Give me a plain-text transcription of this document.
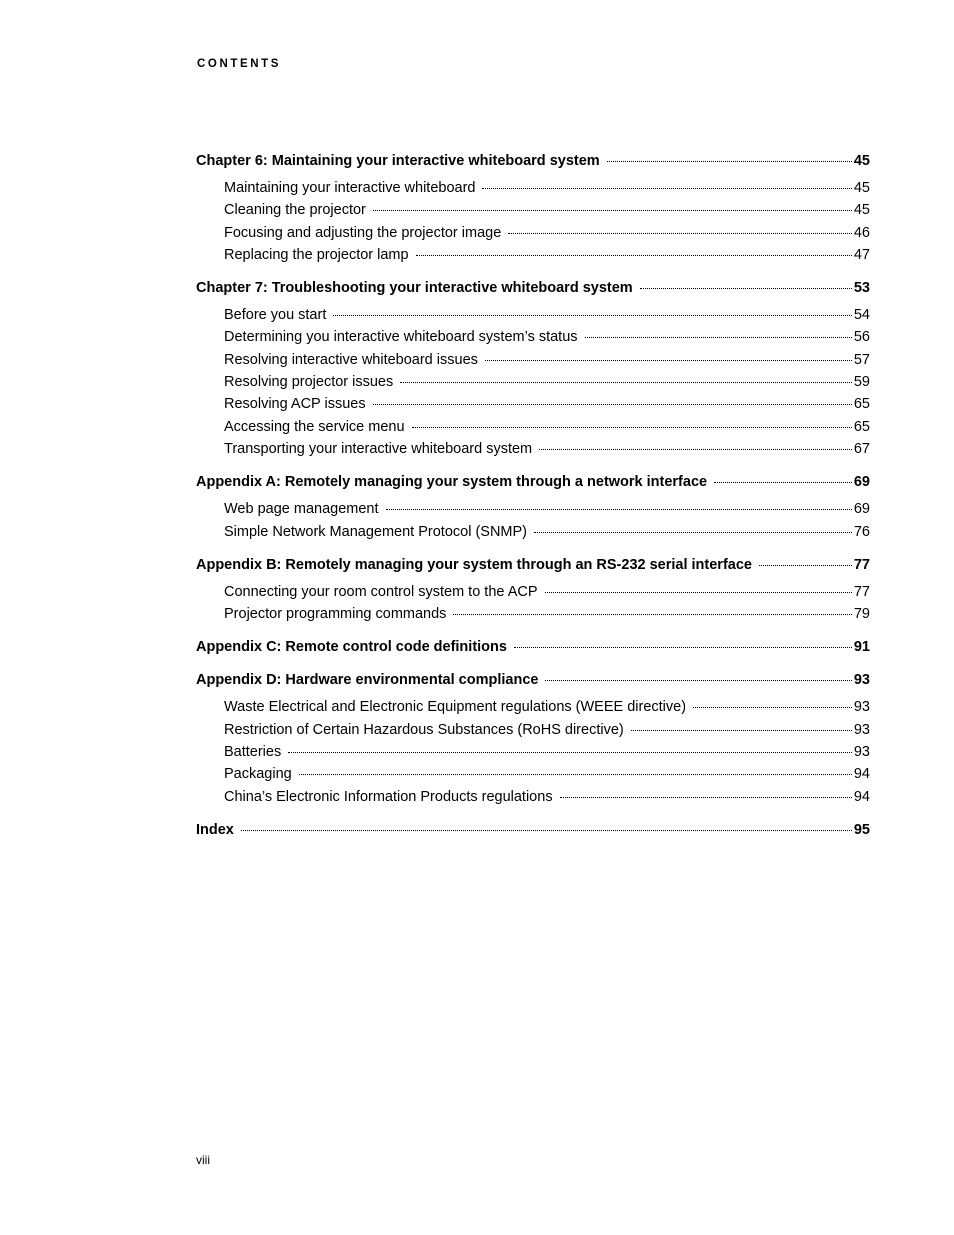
CONTENTS
Chapter 6: Maintaining your interactive whiteboard system	45
Maintaining your interactive whiteboard	45
Cleaning the projector	45
Focusing and adjusting the projector image	46
Replacing the projector lamp	47
Chapter 7: Troubleshooting your interactive whiteboard system	53
Before you start	54
Determining you interactive whiteboard system’s status	56
Resolving interactive whiteboard issues	57
Resolving projector issues	59
Resolving ACP issues	65
Accessing the service menu	65
Transporting your interactive whiteboard system	67
Appendix A: Remotely managing your system through a network interface	69
Web page management	69
Simple Network Management Protocol (SNMP)	76
Appendix B: Remotely managing your system through an RS-232 serial interface	77
Connecting your room control system to the ACP	77
Projector programming commands	79
Appendix C: Remote control code definitions	91
Appendix D: Hardware environmental compliance	93
Waste Electrical and Electronic Equipment regulations (WEEE directive)	93
Restriction of Certain Hazardous Substances (RoHS directive)	93
Batteries	93
Packaging	94
China’s Electronic Information Products regulations	94
Index	95
viii
